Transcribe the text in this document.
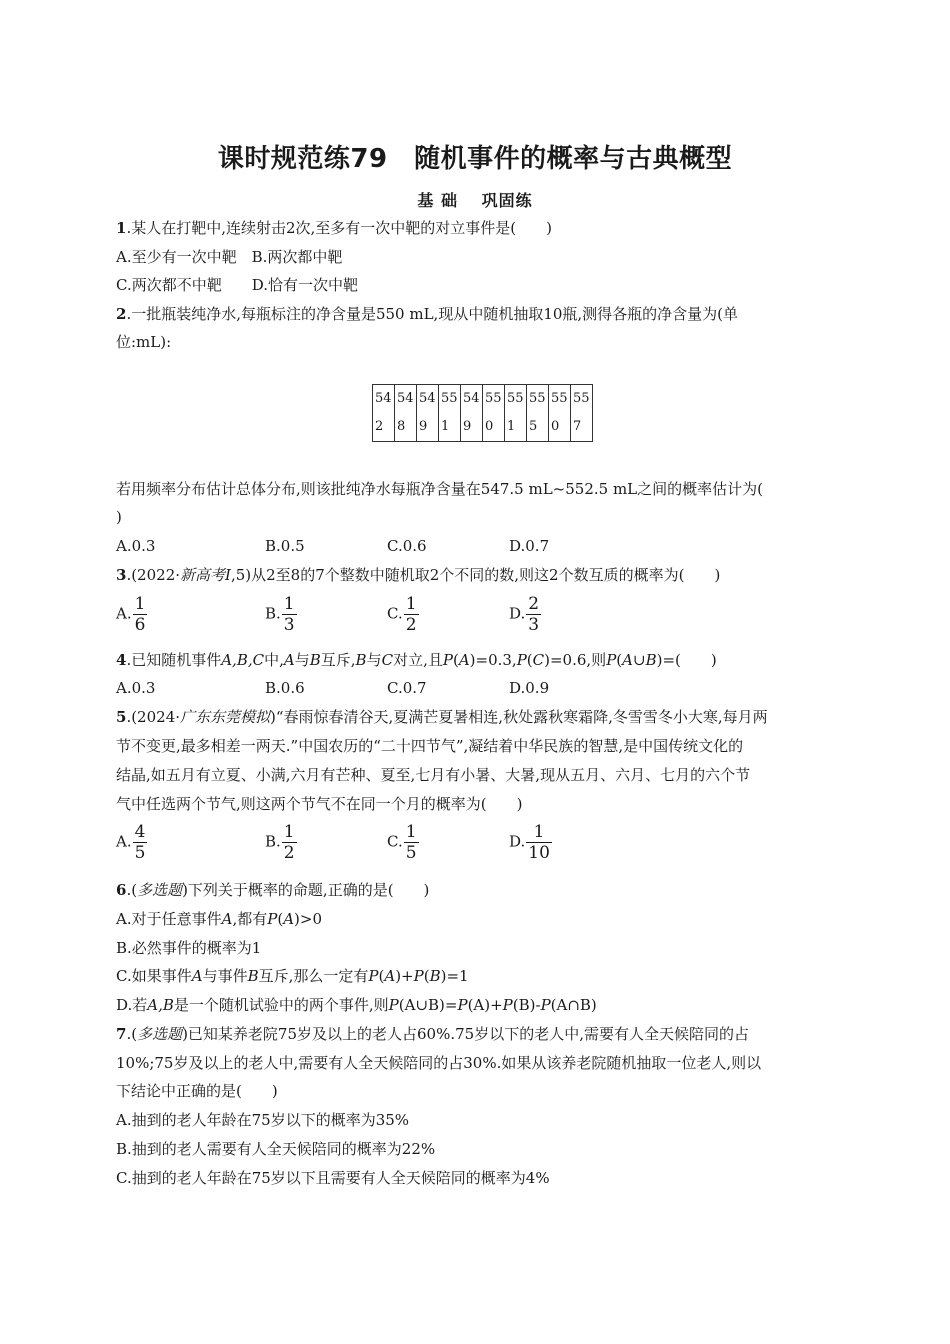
课时规范练79　随机事件的概率与古典概型
基 础　 巩固练
1.某人在打靶中,连续射击2次,至多有一次中靶的对立事件是(　　)
A.至少有一次中靶　B.两次都中靶
C.两次都不中靶　　D.恰有一次中靶
2.一批瓶装纯净水,每瓶标注的净含量是550 mL,现从中随机抽取10瓶,测得各瓶的净含量为(单
位:mL):
542	548	549	551	549	550	551	555	550	557
若用频率分布估计总体分布,则该批纯净水每瓶净含量在547.5 mL~552.5 mL之间的概率估计为(
)
A.0.3	B.0.5	C.0.6	D.0.7
3.(2022·新高考Ⅰ,5)从2至8的7个整数中随机取2个不同的数,则这2个数互质的概率为(　　)
A. $\frac{1}{6}$	B. $\frac{1}{3}$	C. $\frac{1}{2}$	D. $\frac{2}{3}$
4.已知随机事件A,B,C中,A与B互斥,B与C对立,且P(A)=0.3,P(C)=0.6,则P(A∪B)=(　　)
A.0.3	B.0.6	C.0.7	D.0.9
5.(2024·广东东莞模拟)“春雨惊春清谷天,夏满芒夏暑相连,秋处露秋寒霜降,冬雪雪冬小大寒,每月两
节不变更,最多相差一两天.”中国农历的“二十四节气”,凝结着中华民族的智慧,是中国传统文化的
结晶,如五月有立夏、小满,六月有芒种、夏至,七月有小暑、大暑,现从五月、六月、七月的六个节
气中任选两个节气,则这两个节气不在同一个月的概率为(　　)
A. $\frac{4}{5}$	B. $\frac{1}{2}$	C. $\frac{1}{5}$	D. $\frac{1}{10}$
6.(多选题)下列关于概率的命题,正确的是(　　)
A.对于任意事件A,都有P(A)>0
B.必然事件的概率为1
C.如果事件A与事件B互斥,那么一定有P(A)+P(B)=1
D.若A,B是一个随机试验中的两个事件,则P(A∪B)=P(A)+P(B)-P(A∩B)
7.(多选题)已知某养老院75岁及以上的老人占60%.75岁以下的老人中,需要有人全天候陪同的占
10%;75岁及以上的老人中,需要有人全天候陪同的占30%.如果从该养老院随机抽取一位老人,则以
下结论中正确的是(　　)
A.抽到的老人年龄在75岁以下的概率为35%
B.抽到的老人需要有人全天候陪同的概率为22%
C.抽到的老人年龄在75岁以下且需要有人全天候陪同的概率为4%
